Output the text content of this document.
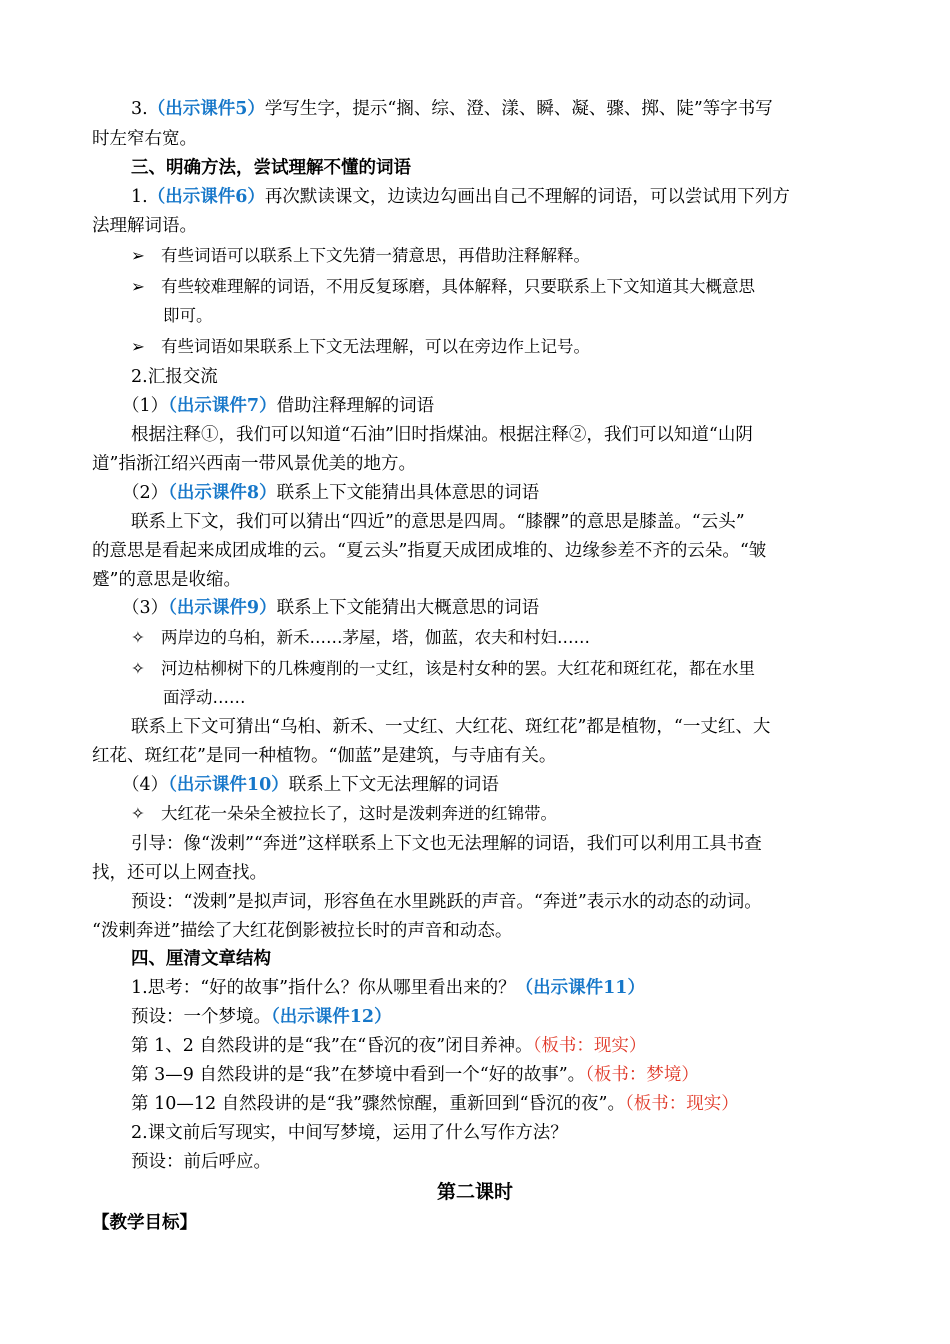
3.（出示课件5）学写生字，提示“搁、综、澄、漾、瞬、凝、骤、掷、陡”等字书写
时左窄右宽。
三、明确方法，尝试理解不懂的词语
1.（出示课件6）再次默读课文，边读边勾画出自己不理解的词语，可以尝试用下列方
法理解词语。
➢ 有些词语可以联系上下文先猜一猜意思，再借助注释解释。
➢ 有些较难理解的词语，不用反复琢磨，具体解释，只要联系上下文知道其大概意思
即可。
➢ 有些词语如果联系上下文无法理解，可以在旁边作上记号。
2.汇报交流
（1）（出示课件7）借助注释理解的词语
根据注释①，我们可以知道“石油”旧时指煤油。根据注释②，我们可以知道“山阴
道”指浙江绍兴西南一带风景优美的地方。
（2）（出示课件8）联系上下文能猜出具体意思的词语
联系上下文，我们可以猜出“四近”的意思是四周。“膝髁”的意思是膝盖。“云头”
的意思是看起来成团成堆的云。“夏云头”指夏天成团成堆的、边缘参差不齐的云朵。“皱
蹙”的意思是收缩。
（3）（出示课件9）联系上下文能猜出大概意思的词语
✧ 两岸边的乌桕，新禾……茅屋，塔，伽蓝，农夫和村妇……
✧ 河边枯柳树下的几株瘦削的一丈红，该是村女种的罢。大红花和斑红花，都在水里
面浮动……
联系上下文可猜出“乌桕、新禾、一丈红、大红花、斑红花”都是植物，“一丈红、大
红花、斑红花”是同一种植物。“伽蓝”是建筑，与寺庙有关。
（4）（出示课件10）联系上下文无法理解的词语
✧ 大红花一朵朵全被拉长了，这时是泼剌奔迸的红锦带。
引导：像“泼剌”“奔迸”这样联系上下文也无法理解的词语，我们可以利用工具书查
找，还可以上网查找。
预设：“泼剌”是拟声词，形容鱼在水里跳跃的声音。“奔迸”表示水的动态的动词。
“泼剌奔迸”描绘了大红花倒影被拉长时的声音和动态。
四、厘清文章结构
1.思考：“好的故事”指什么？你从哪里看出来的？（出示课件11）
预设：一个梦境。（出示课件12）
第 1、2 自然段讲的是“我”在“昏沉的夜”闭目养神。（板书：现实）
第 3—9 自然段讲的是“我”在梦境中看到一个“好的故事”。（板书：梦境）
第 10—12 自然段讲的是“我”骤然惊醒，重新回到“昏沉的夜”。（板书：现实）
2.课文前后写现实，中间写梦境，运用了什么写作方法？
预设：前后呼应。
第二课时
【教学目标】
